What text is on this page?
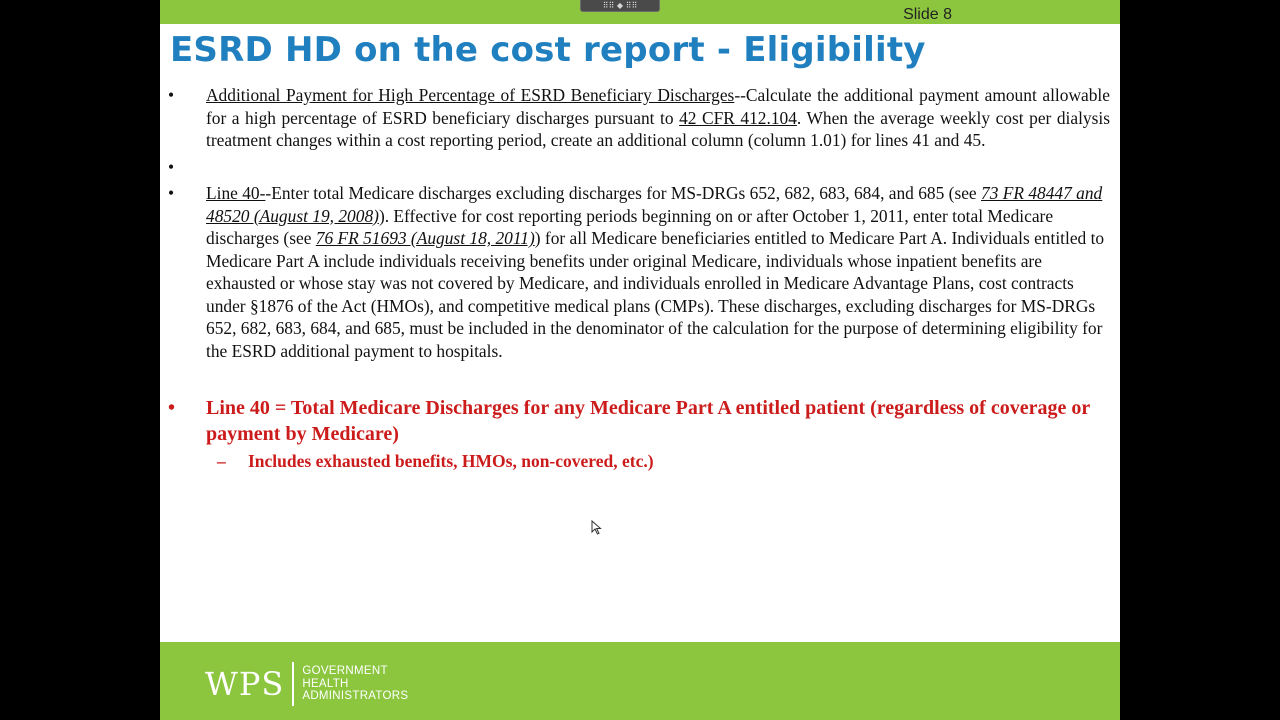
⠿⠿ ◆ ⠿⠿
Slide 8
ESRD HD on the cost report - Eligibility
• Additional Payment for High Percentage of ESRD Beneficiary Discharges--Calculate the additional payment amount allowable for a high percentage of ESRD beneficiary discharges pursuant to 42 CFR 412.104. When the average weekly cost per dialysis treatment changes within a cost reporting period, create an additional column (column 1.01) for lines 41 and 45.
•
• Line 40--Enter total Medicare discharges excluding discharges for MS-DRGs 652, 682, 683, 684, and 685 (see 73 FR 48447 and 48520 (August 19, 2008)). Effective for cost reporting periods beginning on or after October 1, 2011, enter total Medicare discharges (see 76 FR 51693 (August 18, 2011)) for all Medicare beneficiaries entitled to Medicare Part A. Individuals entitled to Medicare Part A include individuals receiving benefits under original Medicare, individuals whose inpatient benefits are exhausted or whose stay was not covered by Medicare, and individuals enrolled in Medicare Advantage Plans, cost contracts under §1876 of the Act (HMOs), and competitive medical plans (CMPs). These discharges, excluding discharges for MS-DRGs 652, 682, 683, 684, and 685, must be included in the denominator of the calculation for the purpose of determining eligibility for the ESRD additional payment to hospitals.
• Line 40 = Total Medicare Discharges for any Medicare Part A entitled patient (regardless of coverage or payment by Medicare)
– Includes exhausted benefits, HMOs, non-covered, etc.)
WPS GOVERNMENT
HEALTH
ADMINISTRATORS
